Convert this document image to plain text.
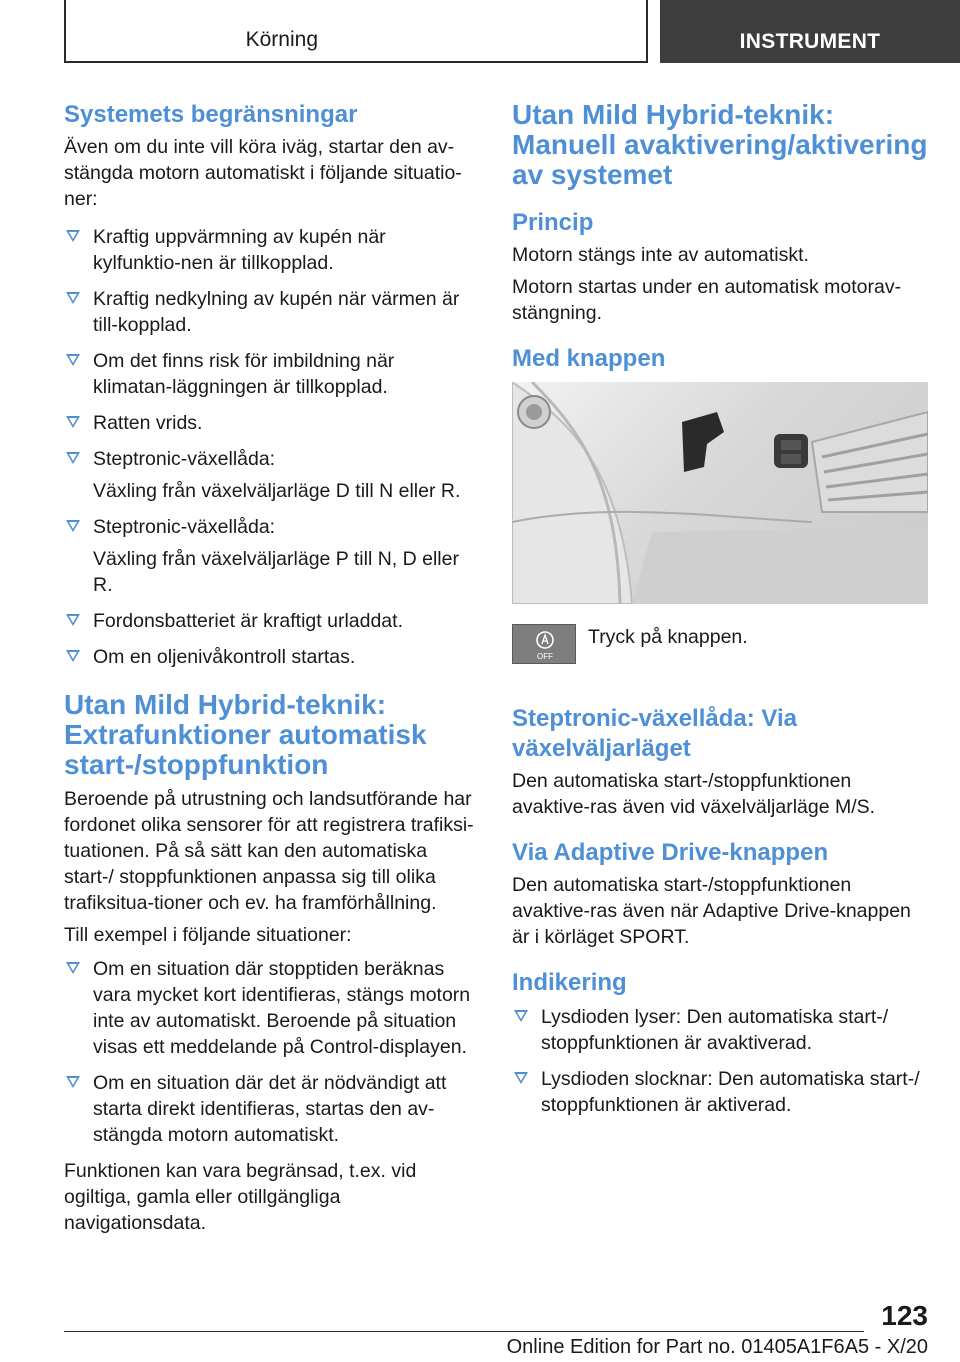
Körning	INSTRUMENT
Systemets begränsningar
Även om du inte vill köra iväg, startar den av-stängda motorn automatiskt i följande situatio-ner:
Kraftig uppvärmning av kupén när kylfunktio-nen är tillkopplad.
Kraftig nedkylning av kupén när värmen är till-kopplad.
Om det finns risk för imbildning när klimatan-läggningen är tillkopplad.
Ratten vrids.
Steptronic-växellåda:
Växling från växelväljarläge D till N eller R.
Steptronic-växellåda:
Växling från växelväljarläge P till N, D eller R.
Fordonsbatteriet är kraftigt urladdat.
Om en oljenivåkontroll startas.
Utan Mild Hybrid-teknik: Extrafunktioner automatisk start-/stoppfunktion
Beroende på utrustning och landsutförande har fordonet olika sensorer för att registrera trafiksi-tuationen. På så sätt kan den automatiska start-/ stoppfunktionen anpassa sig till olika trafiksitua-tioner och ev. ha framförhållning.
Till exempel i följande situationer:
Om en situation där stopptiden beräknas vara mycket kort identifieras, stängs motorn inte av automatiskt. Beroende på situation visas ett meddelande på Control-displayen.
Om en situation där det är nödvändigt att starta direkt identifieras, startas den av-stängda motorn automatiskt.
Funktionen kan vara begränsad, t.ex. vid ogiltiga, gamla eller otillgängliga navigationsdata.
Utan Mild Hybrid-teknik: Manuell avaktivering/aktivering av systemet
Princip
Motorn stängs inte av automatiskt.
Motorn startas under en automatisk motorav-stängning.
Med knappen
OFF
Tryck på knappen.
Steptronic-växellåda: Via växelväljarläget
Den automatiska start-/stoppfunktionen avaktive-ras även vid växelväljarläge M/S.
Via Adaptive Drive-knappen
Den automatiska start-/stoppfunktionen avaktive-ras även när Adaptive Drive-knappen är i körläget SPORT.
Indikering
Lysdioden lyser: Den automatiska start-/ stoppfunktionen är avaktiverad.
Lysdioden slocknar: Den automatiska start-/ stoppfunktionen är aktiverad.
123
Online Edition for Part no. 01405A1F6A5 - X/20
